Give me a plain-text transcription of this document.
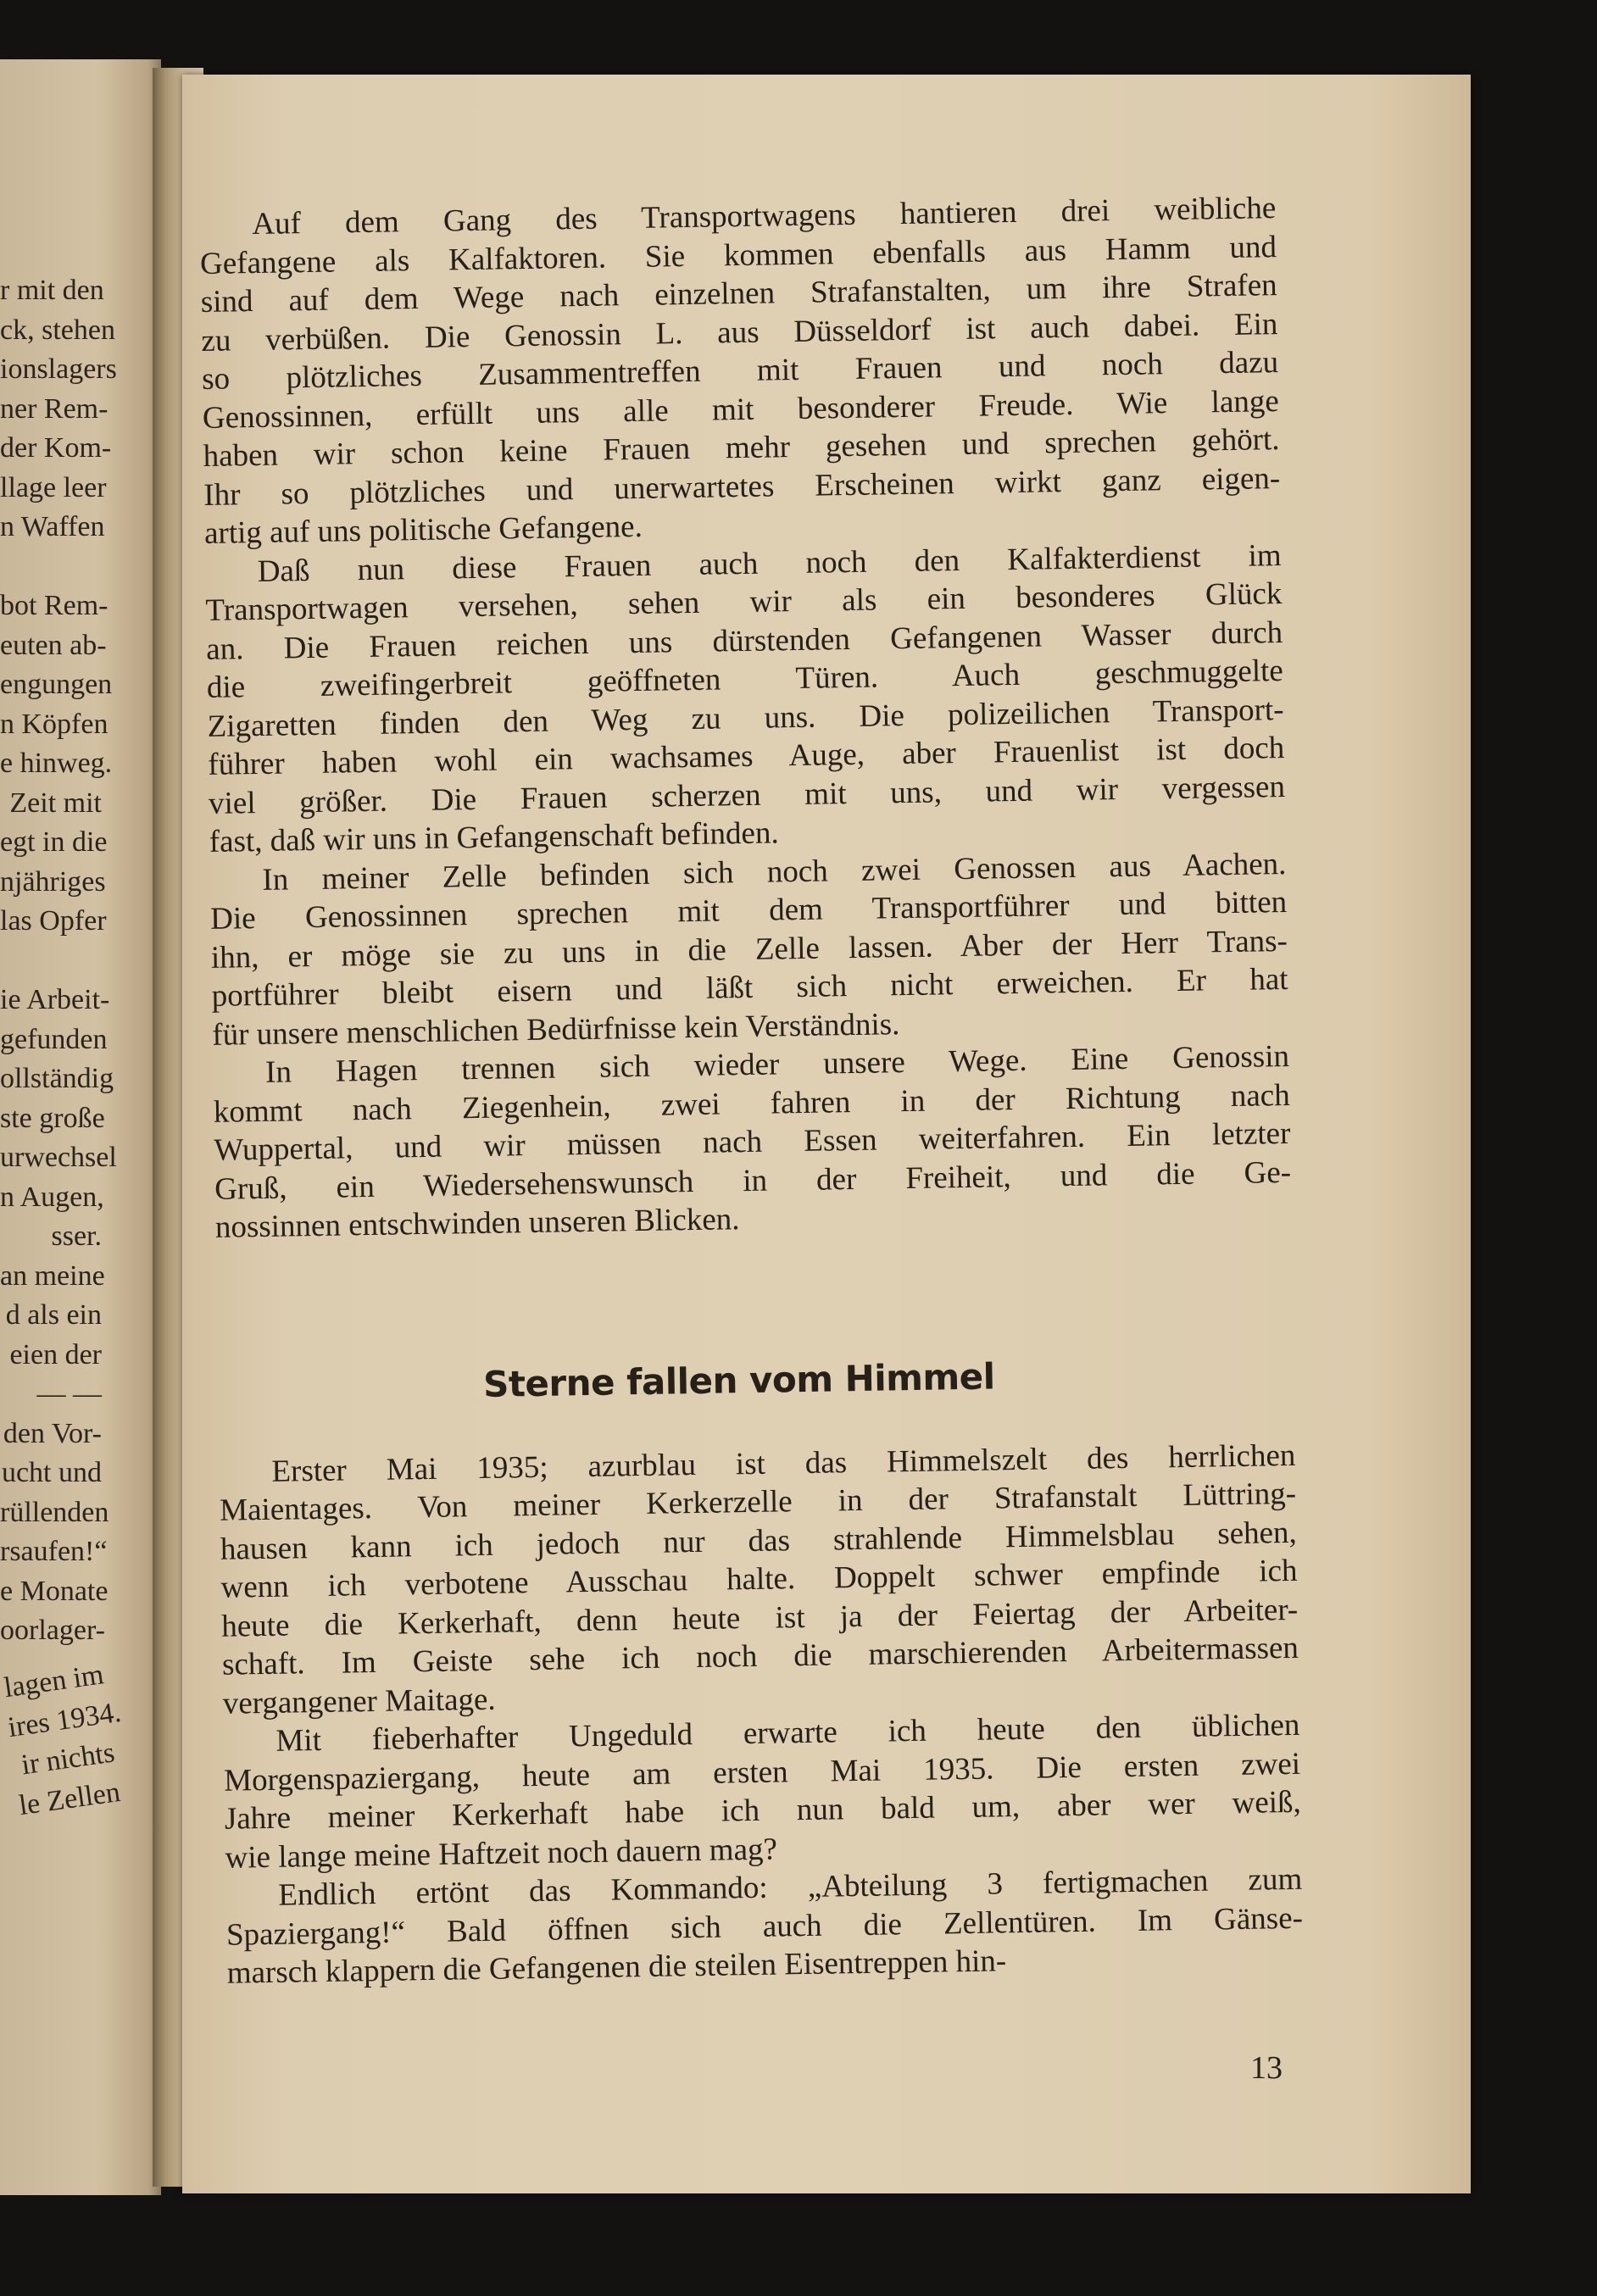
r mit den
ck, stehen
ionslagers
ner Rem-
der Kom-
llage leer
n Waffen
bot Rem-
euten ab-
engungen
n Köpfen
e hinweg.
Zeit mit
egt in die
njähriges
las Opfer
ie Arbeit-
gefunden
ollständig
ste große
urwechsel
n Augen,
sser.
an meine
d als ein
eien der
— —
den Vor-
ucht und
rüllenden
rsaufen!“
e Monate
oorlager-
lagen im
ires 1934.
ir nichts
le Zellen
Auf dem Gang des Transportwagens hantieren drei weibliche
Gefangene als Kalfaktoren. Sie kommen ebenfalls aus Hamm und
sind auf dem Wege nach einzelnen Strafanstalten, um ihre Strafen
zu verbüßen. Die Genossin L. aus Düsseldorf ist auch dabei. Ein
so plötzliches Zusammentreffen mit Frauen und noch dazu
Genossinnen, erfüllt uns alle mit besonderer Freude. Wie lange
haben wir schon keine Frauen mehr gesehen und sprechen gehört.
Ihr so plötzliches und unerwartetes Erscheinen wirkt ganz eigen-
artig auf uns politische Gefangene.
Daß nun diese Frauen auch noch den Kalfakterdienst im
Transportwagen versehen, sehen wir als ein besonderes Glück
an. Die Frauen reichen uns dürstenden Gefangenen Wasser durch
die zweifingerbreit geöffneten Türen. Auch geschmuggelte
Zigaretten finden den Weg zu uns. Die polizeilichen Transport-
führer haben wohl ein wachsames Auge, aber Frauenlist ist doch
viel größer. Die Frauen scherzen mit uns, und wir vergessen
fast, daß wir uns in Gefangenschaft befinden.
In meiner Zelle befinden sich noch zwei Genossen aus Aachen.
Die Genossinnen sprechen mit dem Transportführer und bitten
ihn, er möge sie zu uns in die Zelle lassen. Aber der Herr Trans-
portführer bleibt eisern und läßt sich nicht erweichen. Er hat
für unsere menschlichen Bedürfnisse kein Verständnis.
In Hagen trennen sich wieder unsere Wege. Eine Genossin
kommt nach Ziegenhein, zwei fahren in der Richtung nach
Wuppertal, und wir müssen nach Essen weiterfahren. Ein letzter
Gruß, ein Wiedersehenswunsch in der Freiheit, und die Ge-
nossinnen entschwinden unseren Blicken.
Sterne fallen vom Himmel
Erster Mai 1935; azurblau ist das Himmelszelt des herrlichen
Maientages. Von meiner Kerkerzelle in der Strafanstalt Lüttring-
hausen kann ich jedoch nur das strahlende Himmelsblau sehen,
wenn ich verbotene Ausschau halte. Doppelt schwer empfinde ich
heute die Kerkerhaft, denn heute ist ja der Feiertag der Arbeiter-
schaft. Im Geiste sehe ich noch die marschierenden Arbeitermassen
vergangener Maitage.
Mit fieberhafter Ungeduld erwarte ich heute den üblichen
Morgenspaziergang, heute am ersten Mai 1935. Die ersten zwei
Jahre meiner Kerkerhaft habe ich nun bald um, aber wer weiß,
wie lange meine Haftzeit noch dauern mag?
Endlich ertönt das Kommando: „Abteilung 3 fertigmachen zum
Spaziergang!“ Bald öffnen sich auch die Zellentüren. Im Gänse-
marsch klappern die Gefangenen die steilen Eisentreppen hin-
13
